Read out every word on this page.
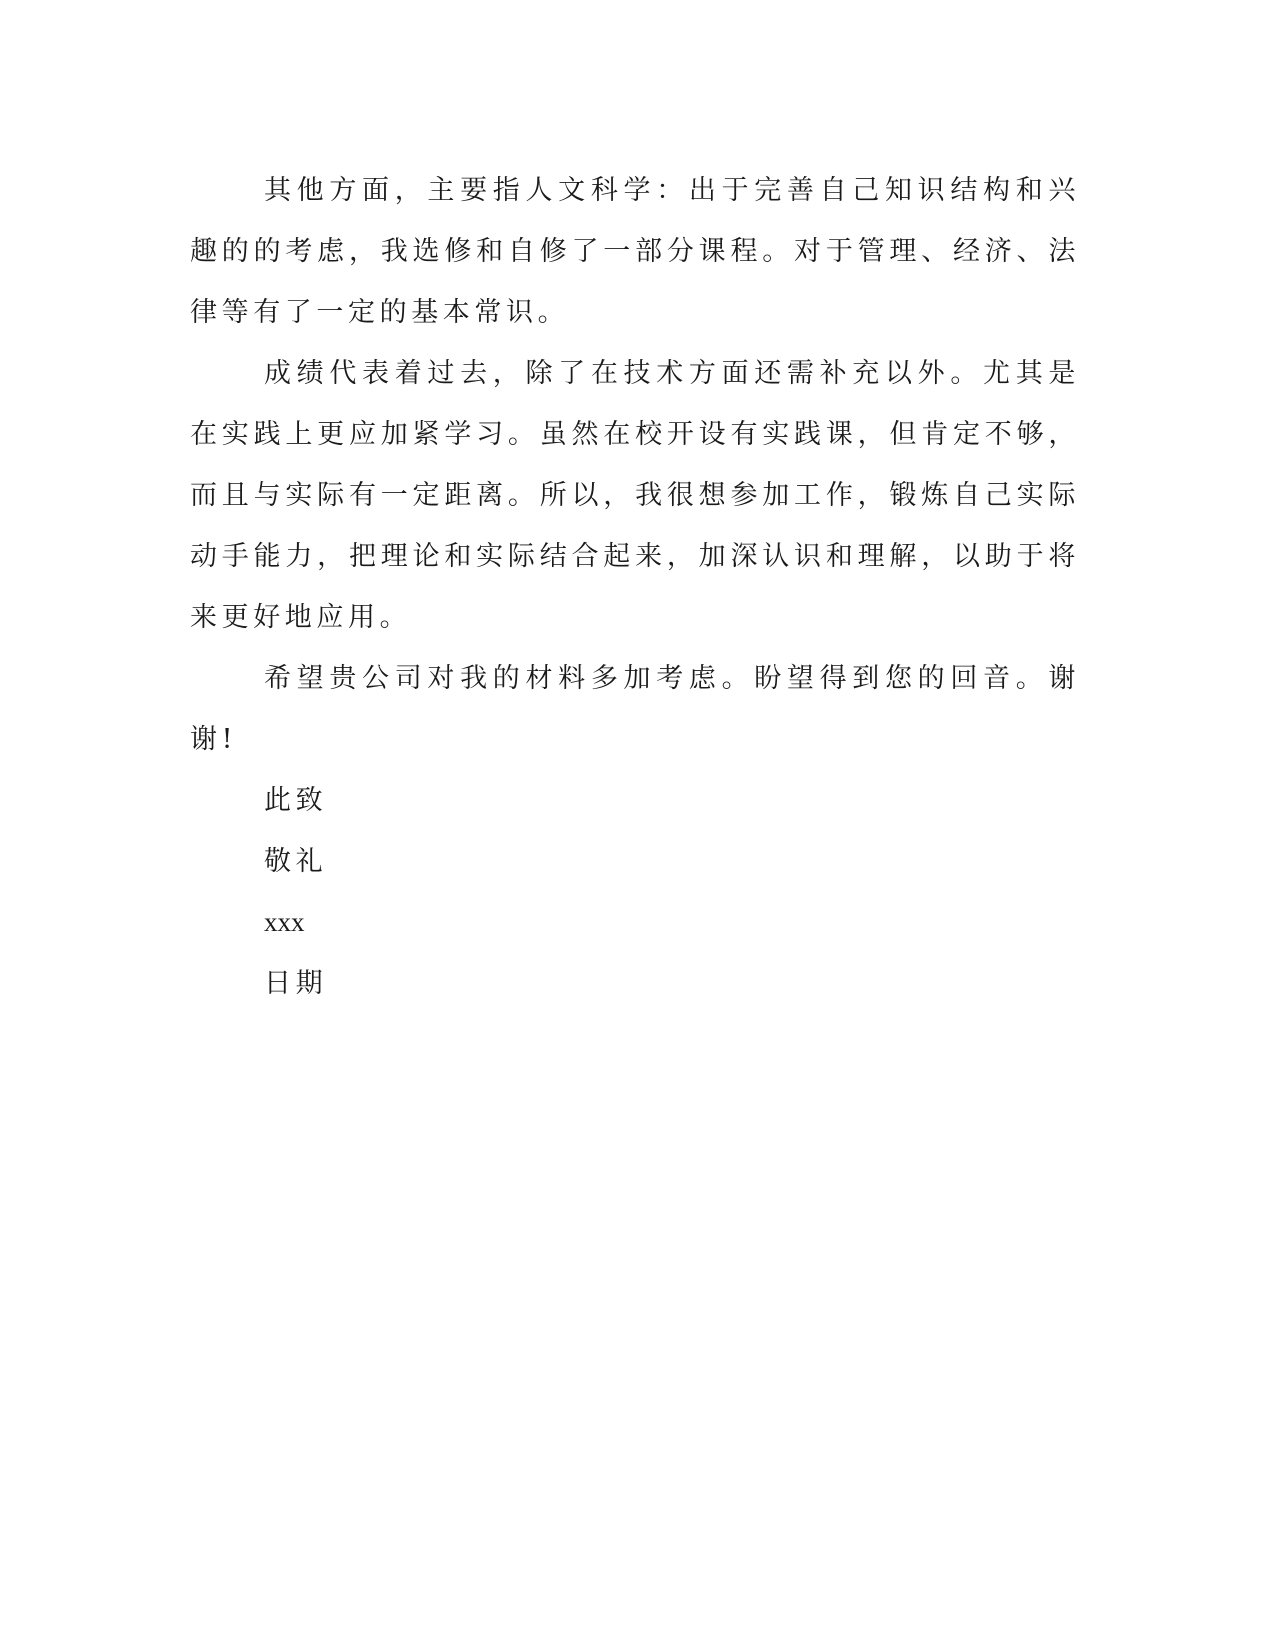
其他方面，主要指人文科学：出于完善自己知识结构和兴趣的的考虑，我选修和自修了一部分课程。对于管理、经济、法律等有了一定的基本常识。

成绩代表着过去，除了在技术方面还需补充以外。尤其是在实践上更应加紧学习。虽然在校开设有实践课，但肯定不够，而且与实际有一定距离。所以，我很想参加工作，锻炼自己实际动手能力，把理论和实际结合起来，加深认识和理解，以助于将来更好地应用。

希望贵公司对我的材料多加考虑。盼望得到您的回音。谢谢!

此致

敬礼

xxx

日期
